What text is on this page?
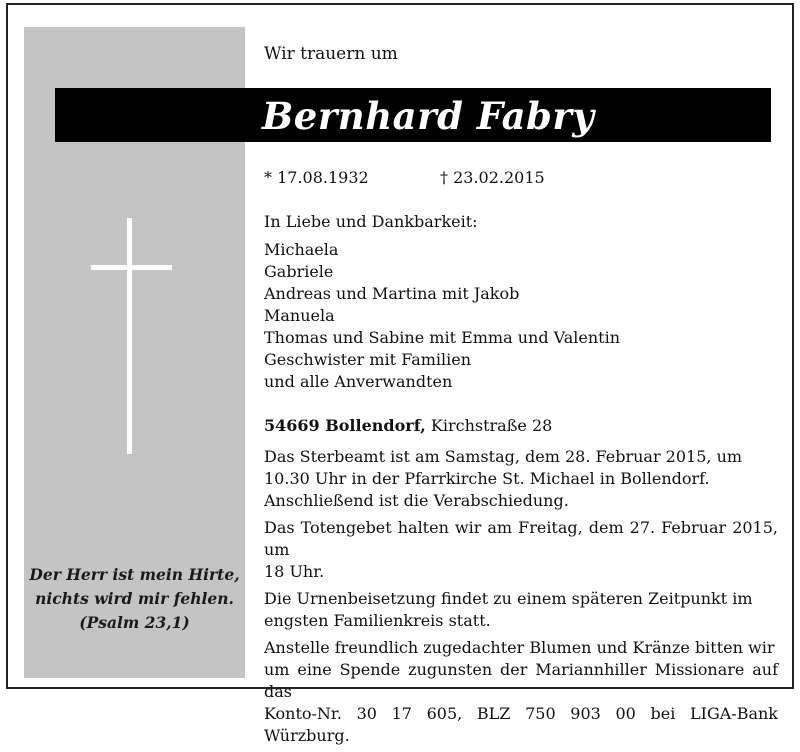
Der Herr ist mein Hirte,
nichts wird mir fehlen.
(Psalm 23,1)
Wir trauern um
Bernhard Fabry
* 17.08.1932	† 23.02.2015
In Liebe und Dankbarkeit:
Michaela
Gabriele
Andreas und Martina mit Jakob
Manuela
Thomas und Sabine mit Emma und Valentin
Geschwister mit Familien
und alle Anverwandten
54669 Bollendorf, Kirchstraße 28

Das Sterbeamt ist am Samstag, dem 28. Februar 2015, um
10.30 Uhr in der Pfarrkirche St. Michael in Bollendorf.
Anschließend ist die Verabschiedung.

Das Totengebet halten wir am Freitag, dem 27. Februar 2015, um
18 Uhr.

Die Urnenbeisetzung findet zu einem späteren Zeitpunkt im
engsten Familienkreis statt.

Anstelle freundlich zugedachter Blumen und Kränze bitten wir
um eine Spende zugunsten der Mariannhiller Missionare auf das
Konto-Nr. 30 17 605, BLZ 750 903 00 bei LIGA-Bank Würzburg.
